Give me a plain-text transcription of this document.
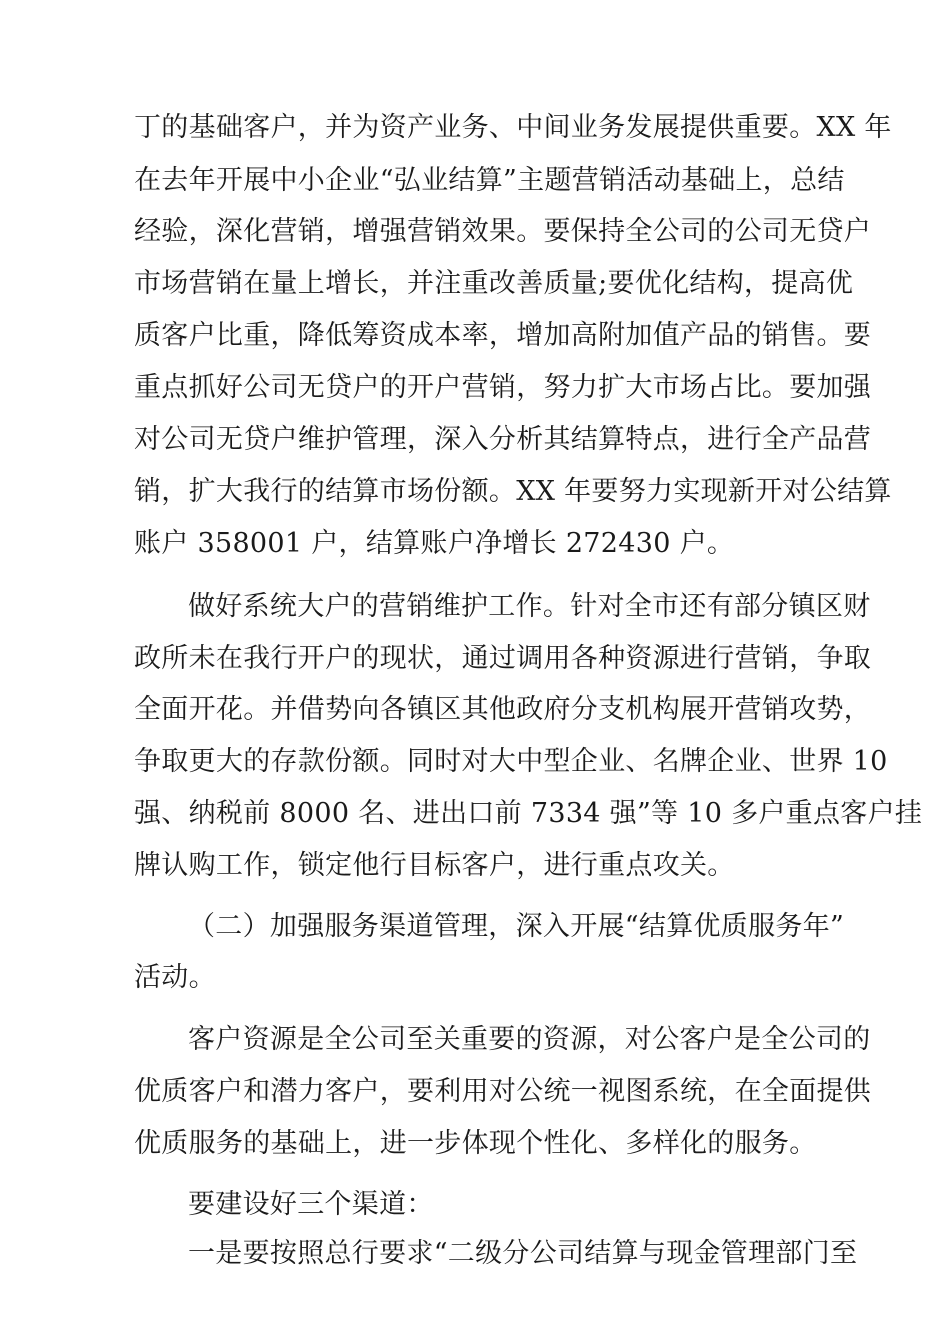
丁的基础客户，并为资产业务、中间业务发展提供重要。XX 年
在去年开展中小企业“弘业结算”主题营销活动基础上，总结
经验，深化营销，增强营销效果。要保持全公司的公司无贷户
市场营销在量上增长，并注重改善质量;要优化结构，提高优
质客户比重，降低筹资成本率，增加高附加值产品的销售。要
重点抓好公司无贷户的开户营销，努力扩大市场占比。要加强
对公司无贷户维护管理，深入分析其结算特点，进行全产品营
销，扩大我行的结算市场份额。XX 年要努力实现新开对公结算
账户 358001 户，结算账户净增长 272430 户。
做好系统大户的营销维护工作。针对全市还有部分镇区财
政所未在我行开户的现状，通过调用各种资源进行营销，争取
全面开花。并借势向各镇区其他政府分支机构展开营销攻势，
争取更大的存款份额。同时对大中型企业、名牌企业、世界 10
强、纳税前 8000 名、进出口前 7334 强”等 10 多户重点客户挂
牌认购工作，锁定他行目标客户，进行重点攻关。
（二）加强服务渠道管理，深入开展“结算优质服务年”
活动。
客户资源是全公司至关重要的资源，对公客户是全公司的
优质客户和潜力客户，要利用对公统一视图系统，在全面提供
优质服务的基础上，进一步体现个性化、多样化的服务。
要建设好三个渠道：
一是要按照总行要求“二级分公司结算与现金管理部门至
